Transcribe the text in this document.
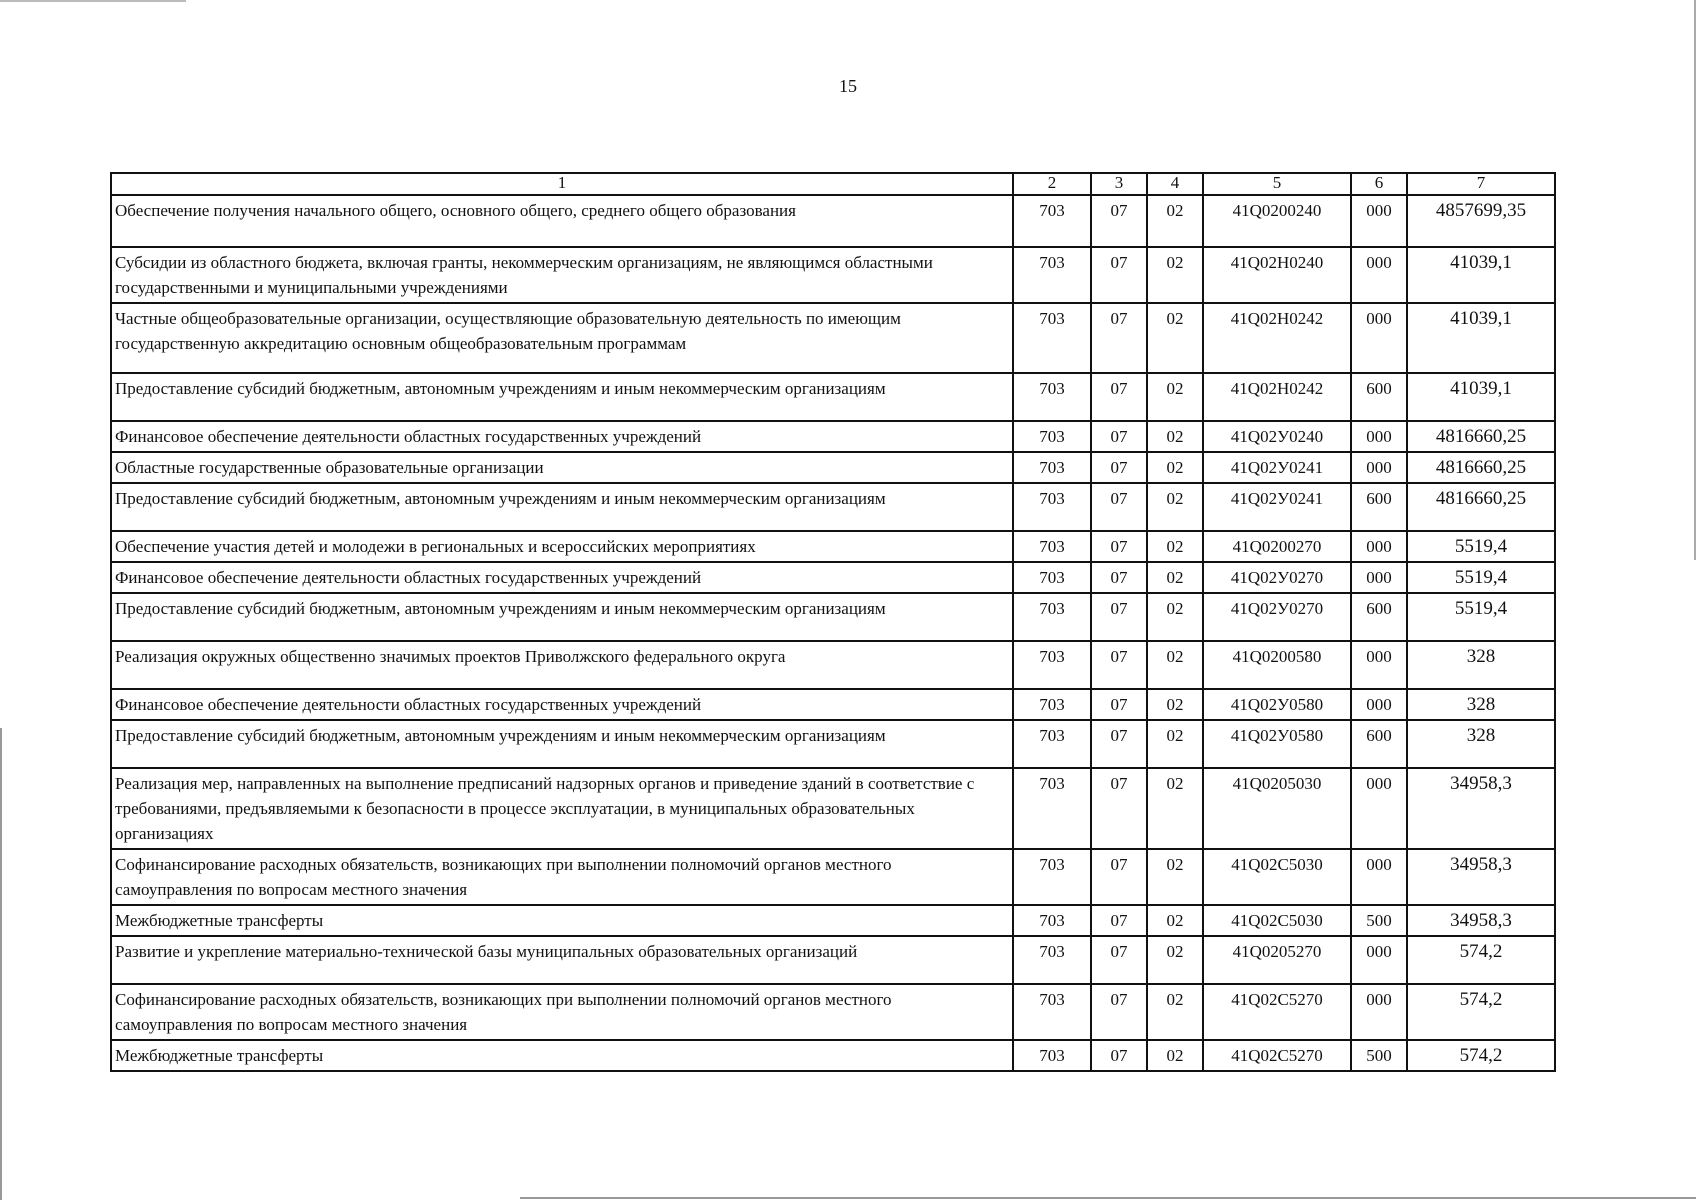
15
1	2	3	4	5	6	7
Обеспечение получения начального общего, основного общего, среднего общего образования	703	07	02	41Q0200240	000	4857699,35
Субсидии из областного бюджета, включая гранты, некоммерческим организациям, не являющимся областными государственными и муниципальными учреждениями	703	07	02	41Q02H0240	000	41039,1
Частные общеобразовательные организации, осуществляющие образовательную деятельность по имеющим государственную аккредитацию основным общеобразовательным программам	703	07	02	41Q02H0242	000	41039,1
Предоставление субсидий бюджетным, автономным учреждениям и иным некоммерческим организациям	703	07	02	41Q02H0242	600	41039,1
Финансовое обеспечение деятельности областных государственных учреждений	703	07	02	41Q02У0240	000	4816660,25
Областные государственные образовательные организации	703	07	02	41Q02У0241	000	4816660,25
Предоставление субсидий бюджетным, автономным учреждениям и иным некоммерческим организациям	703	07	02	41Q02У0241	600	4816660,25
Обеспечение участия детей и молодежи в региональных и всероссийских мероприятиях	703	07	02	41Q0200270	000	5519,4
Финансовое обеспечение деятельности областных государственных учреждений	703	07	02	41Q02У0270	000	5519,4
Предоставление субсидий бюджетным, автономным учреждениям и иным некоммерческим организациям	703	07	02	41Q02У0270	600	5519,4
Реализация окружных общественно значимых проектов Приволжского федерального округа	703	07	02	41Q0200580	000	328
Финансовое обеспечение деятельности областных государственных учреждений	703	07	02	41Q02У0580	000	328
Предоставление субсидий бюджетным, автономным учреждениям и иным некоммерческим организациям	703	07	02	41Q02У0580	600	328
Реализация мер, направленных на выполнение предписаний надзорных органов и приведение зданий в соответствие с требованиями, предъявляемыми к безопасности в процессе эксплуатации, в муниципальных образовательных организациях	703	07	02	41Q0205030	000	34958,3
Софинансирование расходных обязательств, возникающих при выполнении полномочий органов местного самоуправления по вопросам местного значения	703	07	02	41Q02С5030	000	34958,3
Межбюджетные трансферты	703	07	02	41Q02С5030	500	34958,3
Развитие и укрепление материально-технической базы муниципальных образовательных организаций	703	07	02	41Q0205270	000	574,2
Софинансирование расходных обязательств, возникающих при выполнении полномочий органов местного самоуправления по вопросам местного значения	703	07	02	41Q02С5270	000	574,2
Межбюджетные трансферты	703	07	02	41Q02С5270	500	574,2
